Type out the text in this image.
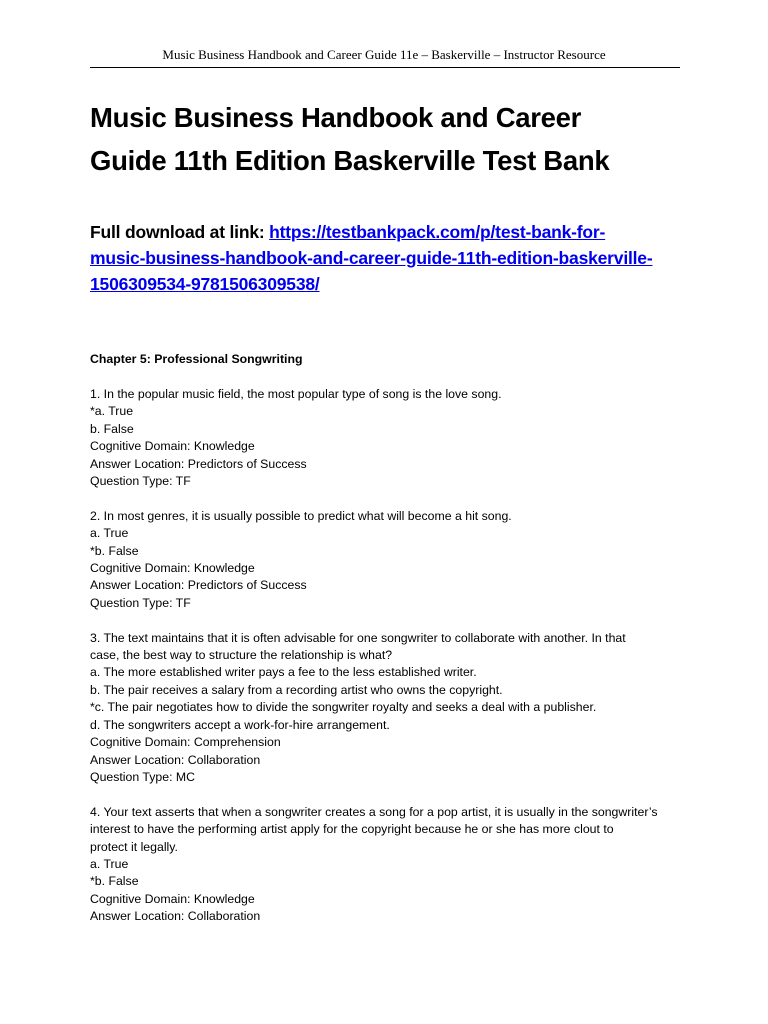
Music Business Handbook and Career Guide 11e – Baskerville – Instructor Resource
Music Business Handbook and Career
Guide 11th Edition Baskerville Test Bank
Full download at link: https://testbankpack.com/p/test-bank-for-
music-business-handbook-and-career-guide-11th-edition-baskerville-
1506309534-9781506309538/
Chapter 5: Professional Songwriting
1. In the popular music field, the most popular type of song is the love song.
*a. True
b. False
Cognitive Domain: Knowledge
Answer Location: Predictors of Success
Question Type: TF
2. In most genres, it is usually possible to predict what will become a hit song.
a. True
*b. False
Cognitive Domain: Knowledge
Answer Location: Predictors of Success
Question Type: TF
3. The text maintains that it is often advisable for one songwriter to collaborate with another. In that
case, the best way to structure the relationship is what?
a. The more established writer pays a fee to the less established writer.
b. The pair receives a salary from a recording artist who owns the copyright.
*c. The pair negotiates how to divide the songwriter royalty and seeks a deal with a publisher.
d. The songwriters accept a work-for-hire arrangement.
Cognitive Domain: Comprehension
Answer Location: Collaboration
Question Type: MC
4. Your text asserts that when a songwriter creates a song for a pop artist, it is usually in the songwriter’s
interest to have the performing artist apply for the copyright because he or she has more clout to
protect it legally.
a. True
*b. False
Cognitive Domain: Knowledge
Answer Location: Collaboration
